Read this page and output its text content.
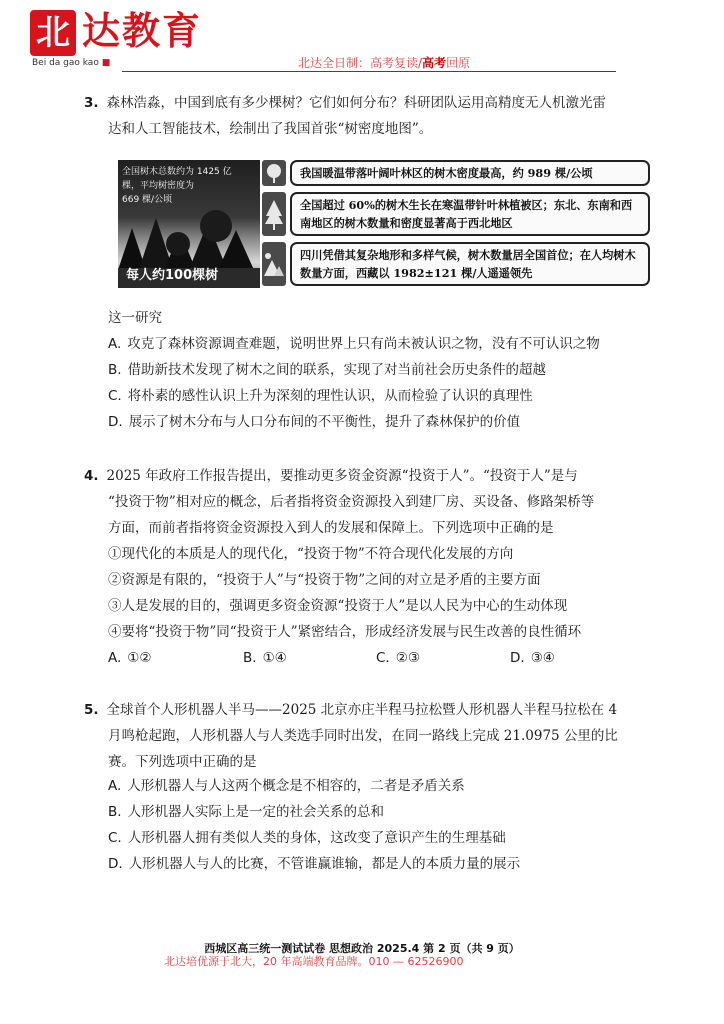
北 达教育
Bei da gao kao ■	北达全日制：高考复读/高考回原

3. 森林浩淼，中国到底有多少棵树？它们如何分布？科研团队运用高精度无人机激光雷

达和人工智能技术，绘制出了我国首张“树密度地图”。

全国树木总数约为 1425 亿
棵，平均树密度为
669 棵/公顷
每人约100棵树
我国暖温带落叶阔叶林区的树木密度最高，约 989 棵/公顷
全国超过 60%的树木生长在寒温带针叶林植被区；东北、东南和西南地区的树木数量和密度显著高于西北地区
四川凭借其复杂地形和多样气候，树木数量居全国首位；在人均树木数量方面，西藏以 1982±121 棵/人遥遥领先
这一研究
A. 攻克了森林资源调查难题，说明世界上只有尚未被认识之物，没有不可认识之物
B. 借助新技术发现了树木之间的联系，实现了对当前社会历史条件的超越
C. 将朴素的感性认识上升为深刻的理性认识，从而检验了认识的真理性
D. 展示了树木分布与人口分布间的不平衡性，提升了森林保护的价值

4. 2025 年政府工作报告提出，要推动更多资金资源“投资于人”。“投资于人”是与

“投资于物”相对应的概念，后者指将资金资源投入到建厂房、买设备、修路架桥等

方面，而前者指将资金资源投入到人的发展和保障上。下列选项中正确的是

①现代化的本质是人的现代化，“投资于物”不符合现代化发展的方向
②资源是有限的，“投资于人”与“投资于物”之间的对立是矛盾的主要方面
③人是发展的目的，强调更多资金资源“投资于人”是以人民为中心的生动体现
④要将“投资于物”同“投资于人”紧密结合，形成经济发展与民生改善的良性循环
A. ①②	B. ①④	C. ②③	D. ③④

5. 全球首个人形机器人半马——2025 北京亦庄半程马拉松暨人形机器人半程马拉松在 4

月鸣枪起跑，人形机器人与人类选手同时出发，在同一路线上完成 21.0975 公里的比

赛。下列选项中正确的是

A. 人形机器人与人这两个概念是不相容的，二者是矛盾关系
B. 人形机器人实际上是一定的社会关系的总和
C. 人形机器人拥有类似人类的身体，这改变了意识产生的生理基础
D. 人形机器人与人的比赛，不管谁赢谁输，都是人的本质力量的展示
西城区高三统一测试试卷 思想政治 2025.4 第 2 页（共 9 页）
北达培优源于北大，20 年高端教育品牌。010 — 62526900
